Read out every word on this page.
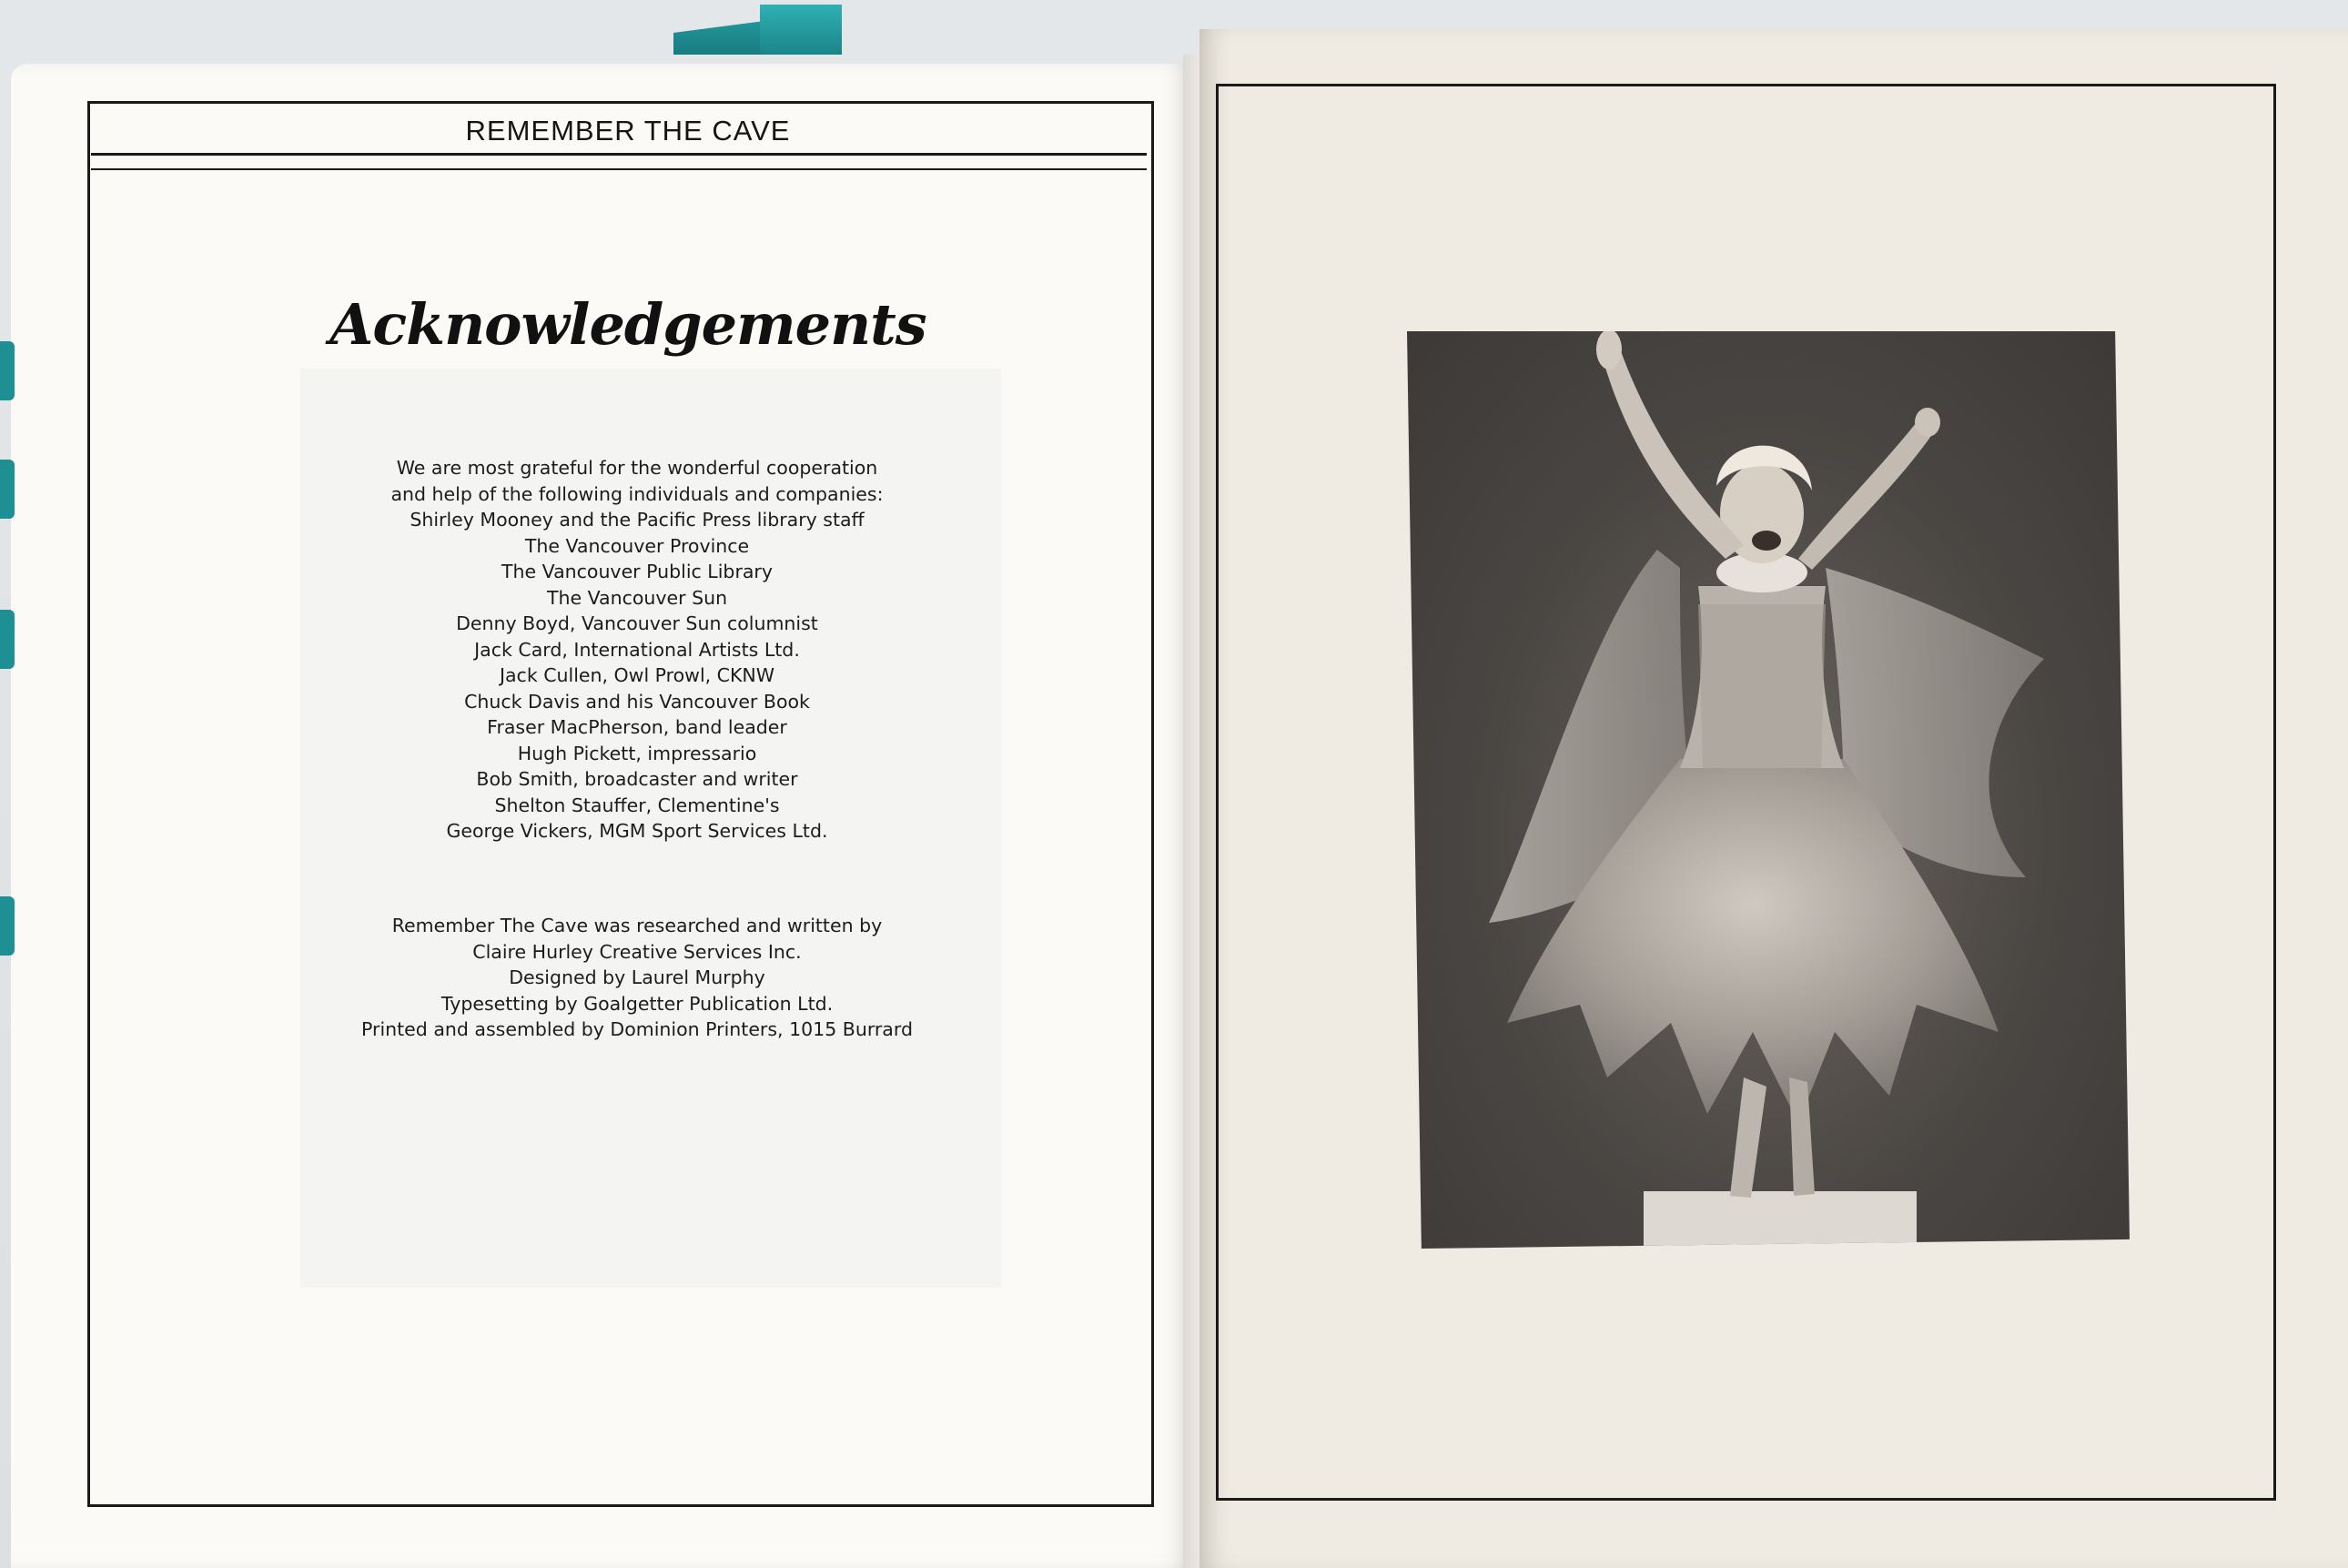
REMEMBER THE CAVE
Acknowledgements

We are most grateful for the wonderful cooperation

and help of the following individuals and companies:

Shirley Mooney and the Pacific Press library staff

The Vancouver Province

The Vancouver Public Library

The Vancouver Sun

Denny Boyd, Vancouver Sun columnist

Jack Card, International Artists Ltd.

Jack Cullen, Owl Prowl, CKNW

Chuck Davis and his Vancouver Book

Fraser MacPherson, band leader

Hugh Pickett, impressario

Bob Smith, broadcaster and writer

Shelton Stauffer, Clementine's

George Vickers, MGM Sport Services Ltd.

Remember The Cave was researched and written by

Claire Hurley Creative Services Inc.

Designed by Laurel Murphy

Typesetting by Goalgetter Publication Ltd.

Printed and assembled by Dominion Printers, 1015 Burrard
